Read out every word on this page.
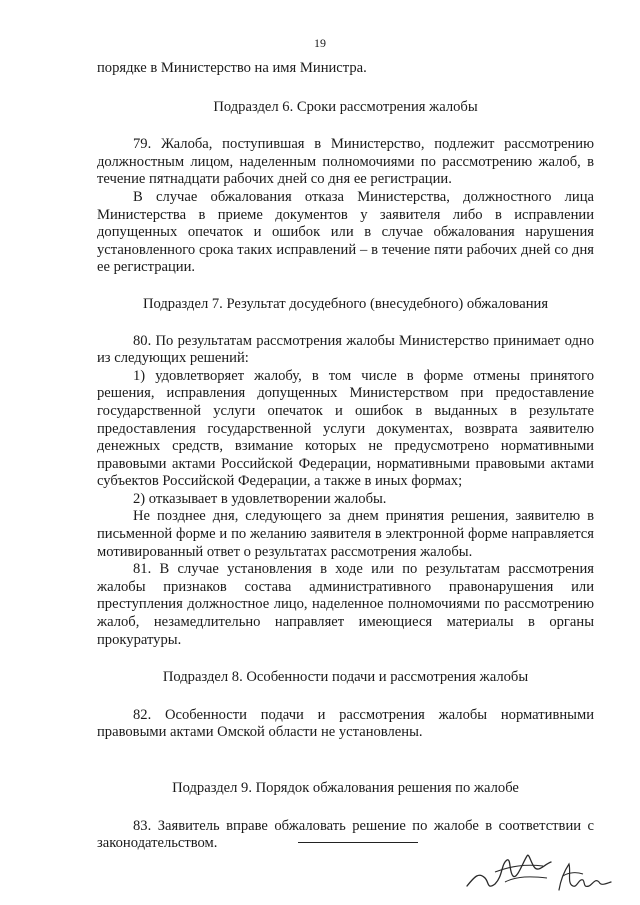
19

порядке в Министерство на имя Министра.

Подраздел 6. Сроки рассмотрения жалобы

79. Жалоба, поступившая в Министерство, подлежит рассмотрению должностным лицом, наделенным полномочиями по рассмотрению жалоб, в течение пятнадцати рабочих дней со дня ее регистрации.

В случае обжалования отказа Министерства, должностного лица Министерства в приеме документов у заявителя либо в исправлении допущенных опечаток и ошибок или в случае обжалования нарушения установленного срока таких исправлений – в течение пяти рабочих дней со дня ее регистрации.

Подраздел 7. Результат досудебного (внесудебного) обжалования

80. По результатам рассмотрения жалобы Министерство принимает одно из следующих решений:

1) удовлетворяет жалобу, в том числе в форме отмены принятого решения, исправления допущенных Министерством при предоставление государственной услуги опечаток и ошибок в выданных в результате предоставления государственной услуги документах, возврата заявителю денежных средств, взимание которых не предусмотрено нормативными правовыми актами Российской Федерации, нормативными правовыми актами субъектов Российской Федерации, а также в иных формах;

2) отказывает в удовлетворении жалобы.

Не позднее дня, следующего за днем принятия решения, заявителю в письменной форме и по желанию заявителя в электронной форме направляется мотивированный ответ о результатах рассмотрения жалобы.

81. В случае установления в ходе или по результатам рассмотрения жалобы признаков состава административного правонарушения или преступления должностное лицо, наделенное полномочиями по рассмотрению жалоб, незамедлительно направляет имеющиеся материалы в органы прокуратуры.

Подраздел 8. Особенности подачи и рассмотрения жалобы

82. Особенности подачи и рассмотрения жалобы нормативными правовыми актами Омской области не установлены.

Подраздел 9. Порядок обжалования решения по жалобе

83. Заявитель вправе обжаловать решение по жалобе в соответствии с законодательством.
